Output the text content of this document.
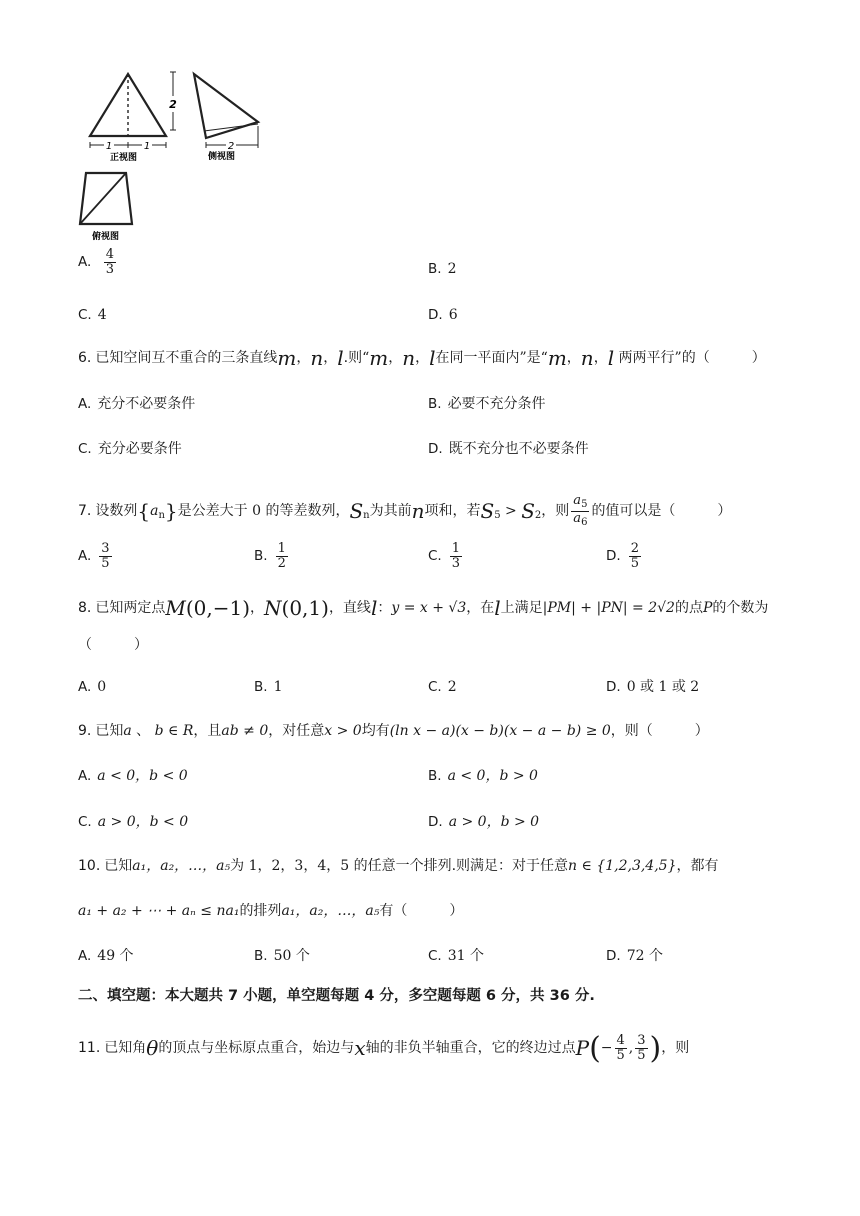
1	1
正视图
2
2
侧视图
俯视图
A. $\frac{4}{3}$	B. 2
C. 4	D. 6
6. 已知空间互不重合的三条直线m，n，l.则“m，n，l在同一平面内”是“m，n，l 两两平行”的（　　　）
A. 充分不必要条件	B. 必要不充分条件
C. 充分必要条件	D. 既不充分也不必要条件
7. 设数列$\{a_n\}$是公差大于 0 的等差数列，$S_n$为其前n项和，若$S_5 > S_2$，则 $\frac{a_5}{a_6}$ 的值可以是（　　　）
A. $\frac{3}{5}$	B. $\frac{1}{2}$	C. $\frac{1}{3}$	D. $\frac{2}{5}$
8. 已知两定点M(0,−1)，N(0,1)，直线l：y = x + √3，在l上满足|PM| + |PN| = 2√2的点P的个数为
（　　　）
A. 0	B. 1	C. 2	D. 0 或 1 或 2
9. 已知a 、 b ∈ R，且ab ≠ 0，对任意x > 0均有(ln x − a)(x − b)(x − a − b) ≥ 0，则（　　　）
A. a < 0，b < 0	B. a < 0，b > 0
C. a > 0，b < 0	D. a > 0，b > 0
10. 已知a₁，a₂，…，a₅为 1，2，3，4，5 的任意一个排列.则满足：对于任意n ∈ {1,2,3,4,5}，都有
a₁ + a₂ + ⋯ + aₙ ≤ na₁的排列a₁，a₂，…，a₅有（　　　）
A. 49 个	B. 50 个	C. 31 个	D. 72 个
二、填空题：本大题共 7 小题，单空题每题 4 分，多空题每题 6 分，共 36 分.
11. 已知角θ的顶点与坐标原点重合，始边与x轴的非负半轴重合，它的终边过点$P(- \frac{4}{5}$ , $\frac{3}{5}$ )，则
